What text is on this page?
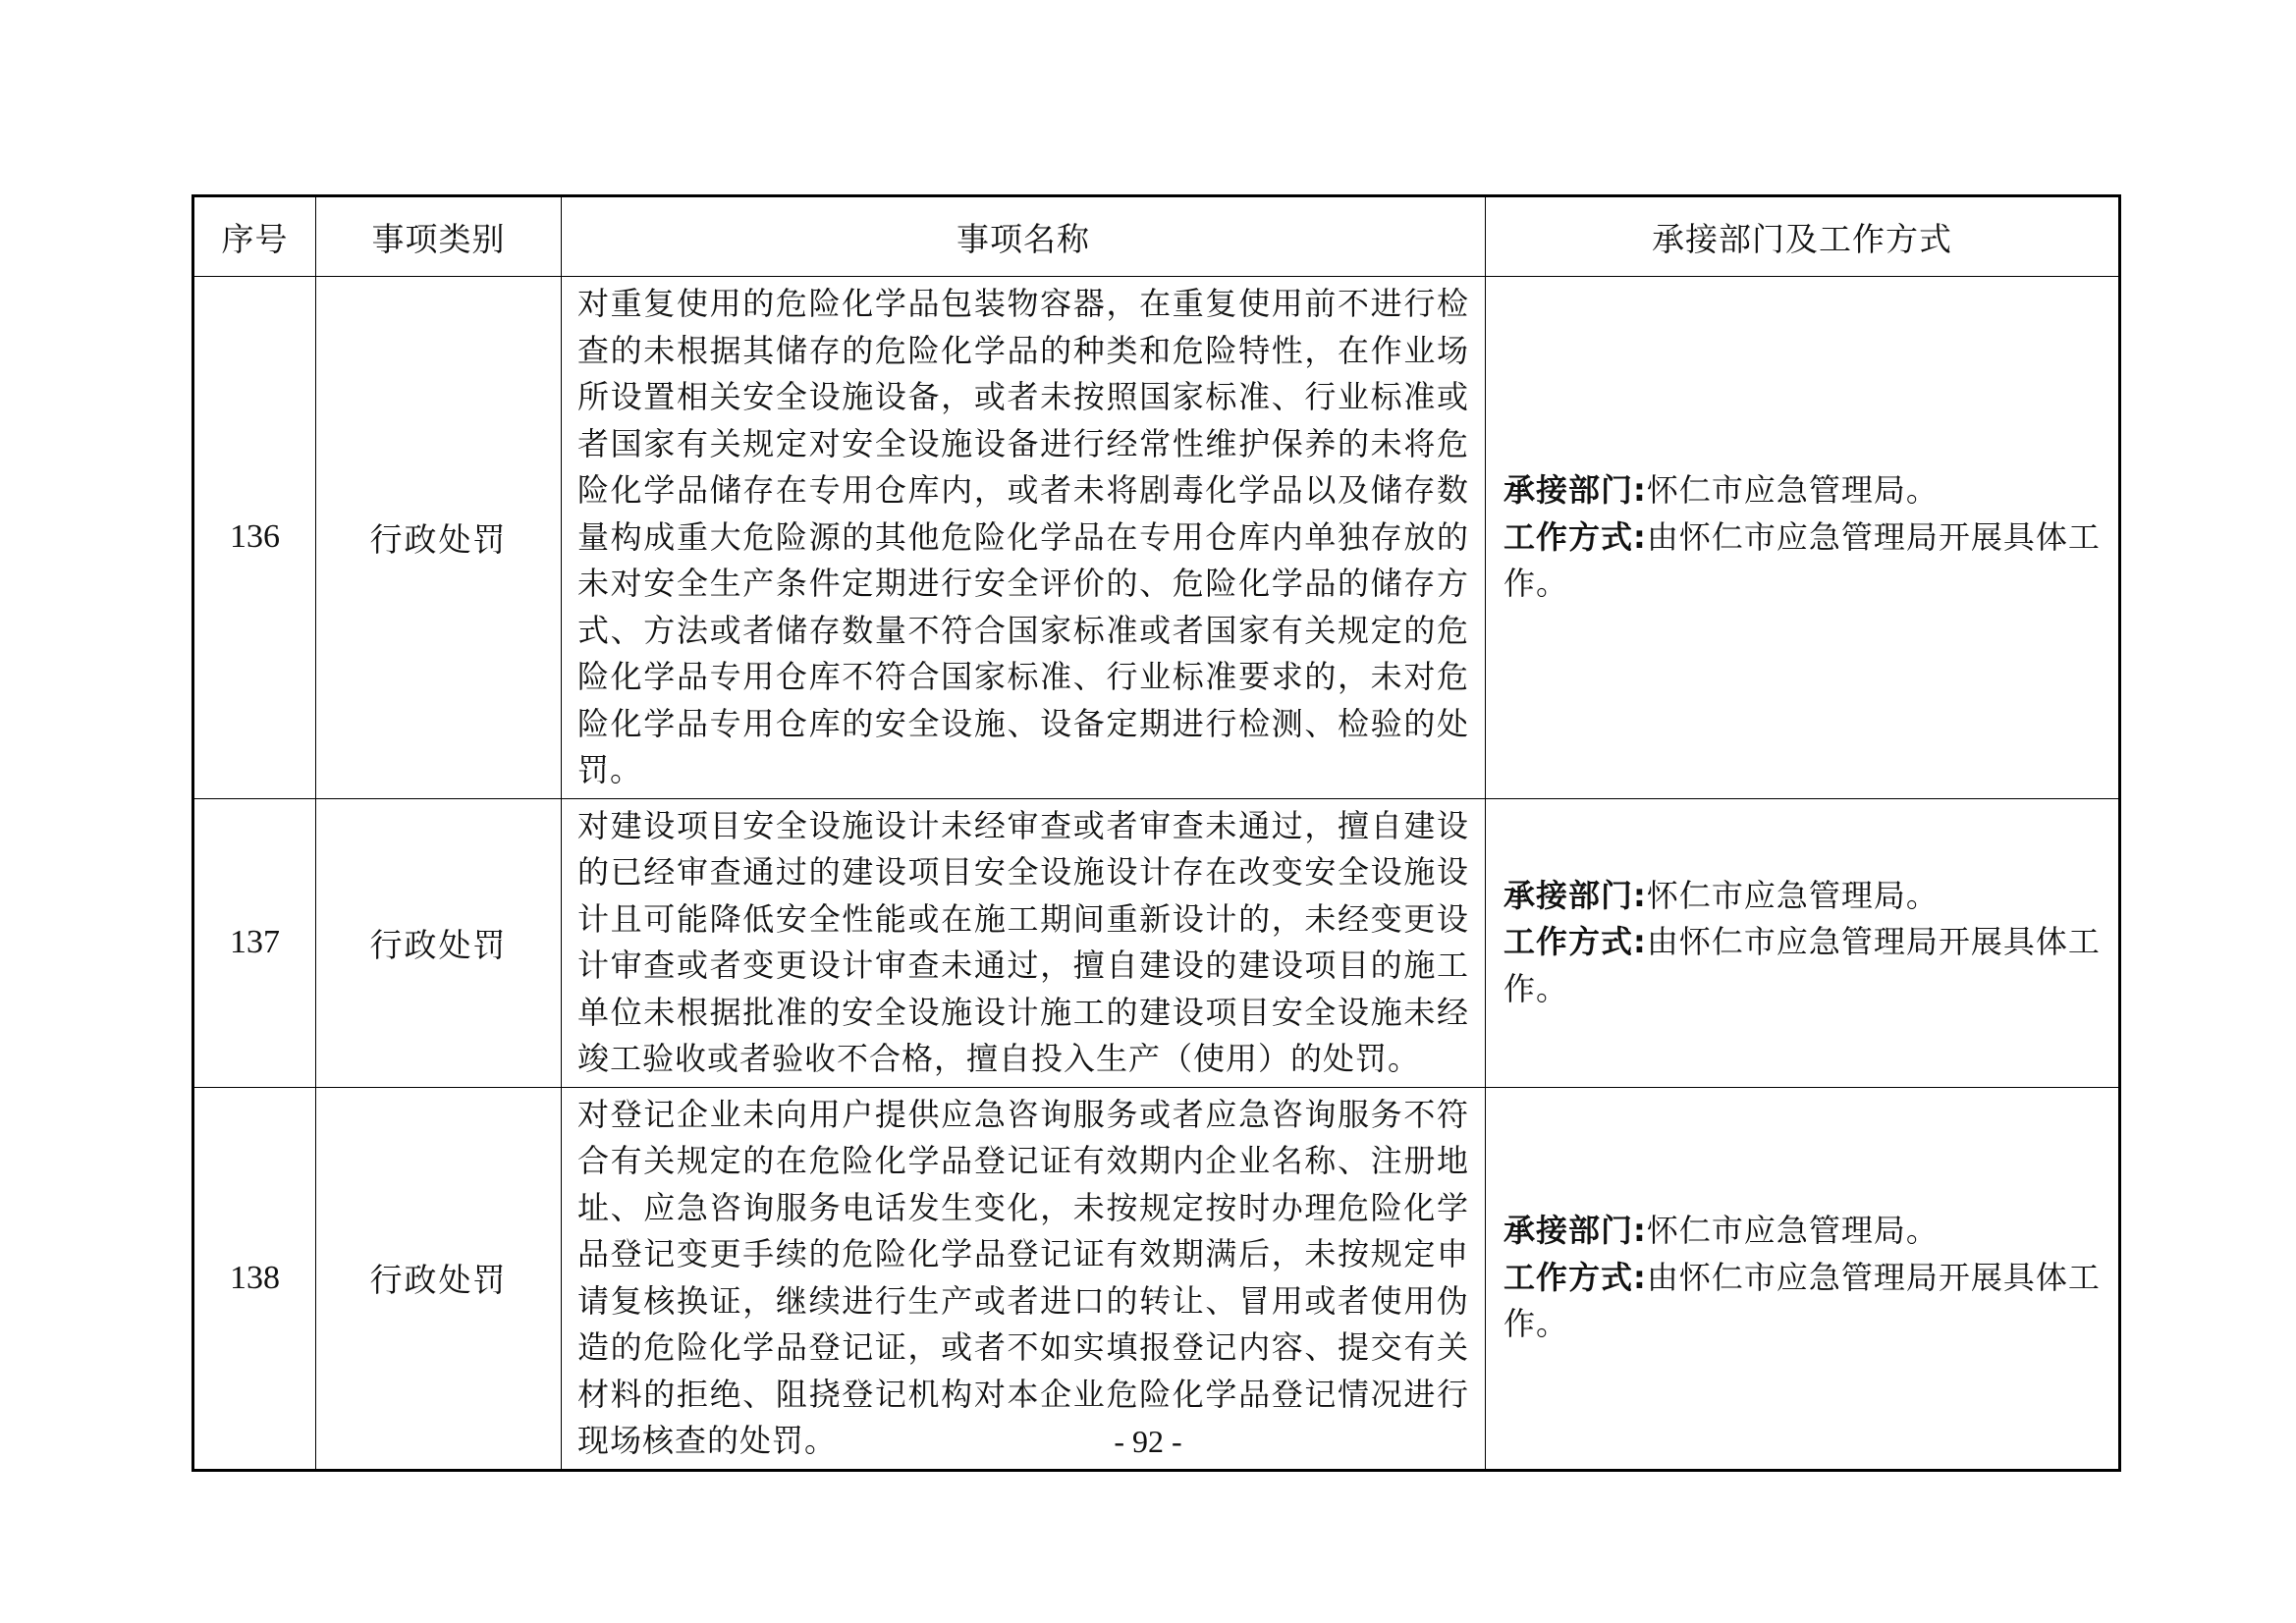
序号	事项类别	事项名称	承接部门及工作方式
136	行政处罚	对重复使用的危险化学品包装物容器，在重复使用前不进行检查的未根据其储存的危险化学品的种类和危险特性，在作业场所设置相关安全设施设备，或者未按照国家标准、行业标准或者国家有关规定对安全设施设备进行经常性维护保养的未将危险化学品储存在专用仓库内，或者未将剧毒化学品以及储存数量构成重大危险源的其他危险化学品在专用仓库内单独存放的未对安全生产条件定期进行安全评价的、危险化学品的储存方式、方法或者储存数量不符合国家标准或者国家有关规定的危险化学品专用仓库不符合国家标准、行业标准要求的，未对危险化学品专用仓库的安全设施、设备定期进行检测、检验的处罚。	承接部门:怀仁市应急管理局。
工作方式:由怀仁市应急管理局开展具体工作。

137	行政处罚	对建设项目安全设施设计未经审查或者审查未通过，擅自建设的已经审查通过的建设项目安全设施设计存在改变安全设施设计且可能降低安全性能或在施工期间重新设计的，未经变更设计审查或者变更设计审查未通过，擅自建设的建设项目的施工单位未根据批准的安全设施设计施工的建设项目安全设施未经竣工验收或者验收不合格，擅自投入生产（使用）的处罚。	承接部门:怀仁市应急管理局。
工作方式:由怀仁市应急管理局开展具体工作。

138	行政处罚	对登记企业未向用户提供应急咨询服务或者应急咨询服务不符合有关规定的在危险化学品登记证有效期内企业名称、注册地址、应急咨询服务电话发生变化，未按规定按时办理危险化学品登记变更手续的危险化学品登记证有效期满后，未按规定申请复核换证，继续进行生产或者进口的转让、冒用或者使用伪造的危险化学品登记证，或者不如实填报登记内容、提交有关材料的拒绝、阻挠登记机构对本企业危险化学品登记情况进行现场核查的处罚。	承接部门:怀仁市应急管理局。
工作方式:由怀仁市应急管理局开展具体工作。
- 92 -
